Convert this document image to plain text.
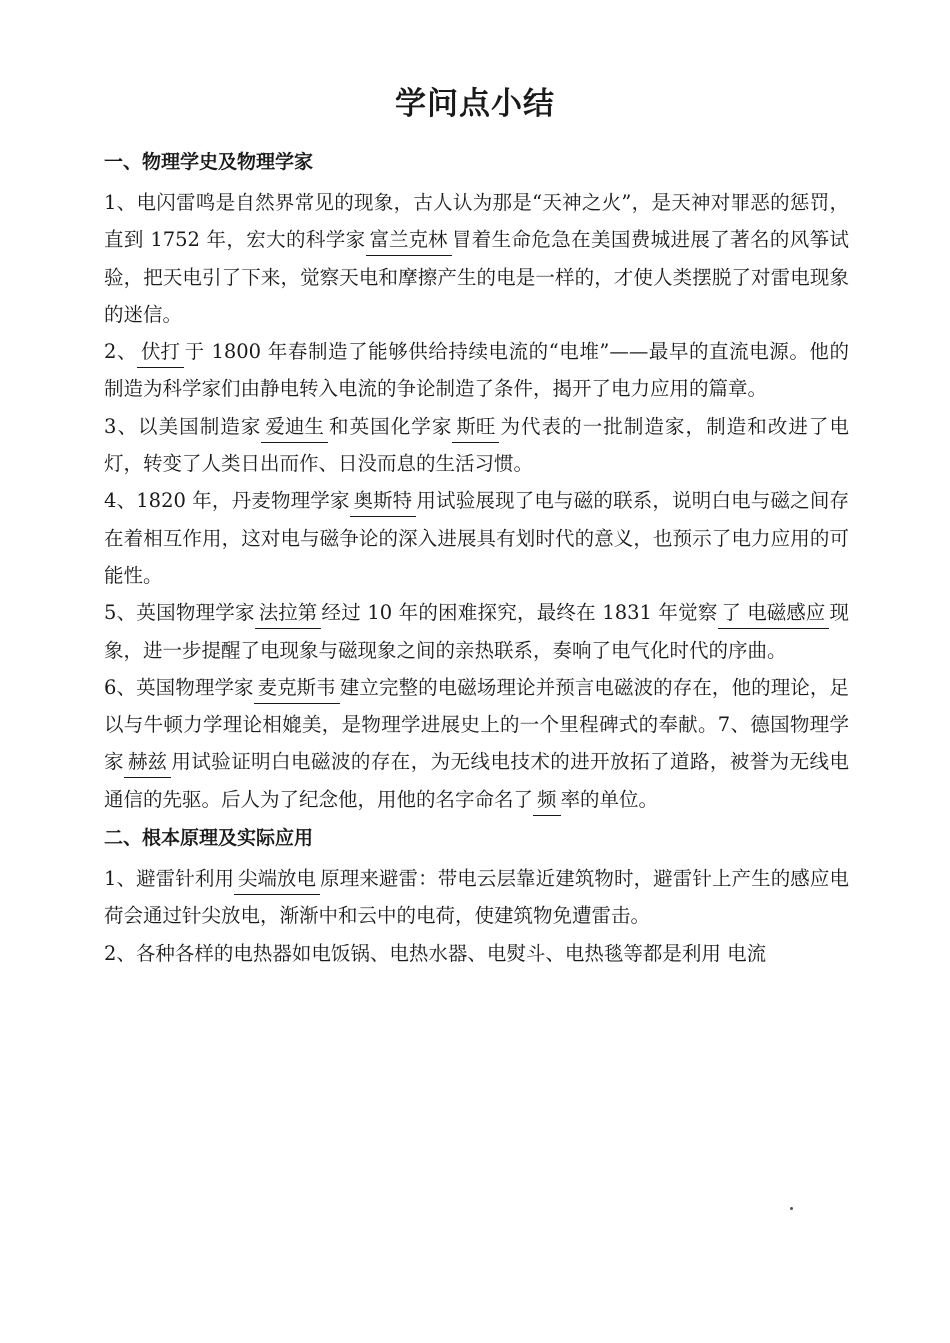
学问点小结
一、物理学史及物理学家

1、电闪雷鸣是自然界常见的现象，古人认为那是“天神之火”，是天神对罪恶的惩罚，直到 1752 年，宏大的科学家 富兰克林 冒着生命危急在美国费城进展了著名的风筝试验，把天电引了下来，觉察天电和摩擦产生的电是一样的，才使人类摆脱了对雷电现象的迷信。

2、 伏打 于 1800 年春制造了能够供给持续电流的“电堆”——最早的直流电源。他的制造为科学家们由静电转入电流的争论制造了条件，揭开了电力应用的篇章。

3、以美国制造家 爱迪生 和英国化学家 斯旺 为代表的一批制造家，制造和改进了电灯，转变了人类日出而作、日没而息的生活习惯。

4、1820 年，丹麦物理学家 奥斯特 用试验展现了电与磁的联系，说明白电与磁之间存在着相互作用，这对电与磁争论的深入进展具有划时代的意义，也预示了电力应用的可能性。

5、英国物理学家 法拉第 经过 10 年的困难探究，最终在 1831 年觉察 了 电磁感应 现象，进一步提醒了电现象与磁现象之间的亲热联系，奏响了电气化时代的序曲。

6、英国物理学家 麦克斯韦 建立完整的电磁场理论并预言电磁波的存在，他的理论，足以与牛顿力学理论相媲美，是物理学进展史上的一个里程碑式的奉献。7、德国物理学家 赫兹 用试验证明白电磁波的存在，为无线电技术的进开放拓了道路，被誉为无线电通信的先驱。后人为了纪念他，用他的名字命名了 频 率的单位。

二、根本原理及实际应用

1、避雷针利用 尖端放电 原理来避雷：带电云层靠近建筑物时，避雷针上产生的感应电荷会通过针尖放电，渐渐中和云中的电荷，使建筑物免遭雷击。

2、各种各样的电热器如电饭锅、电热水器、电熨斗、电热毯等都是利用 电流
